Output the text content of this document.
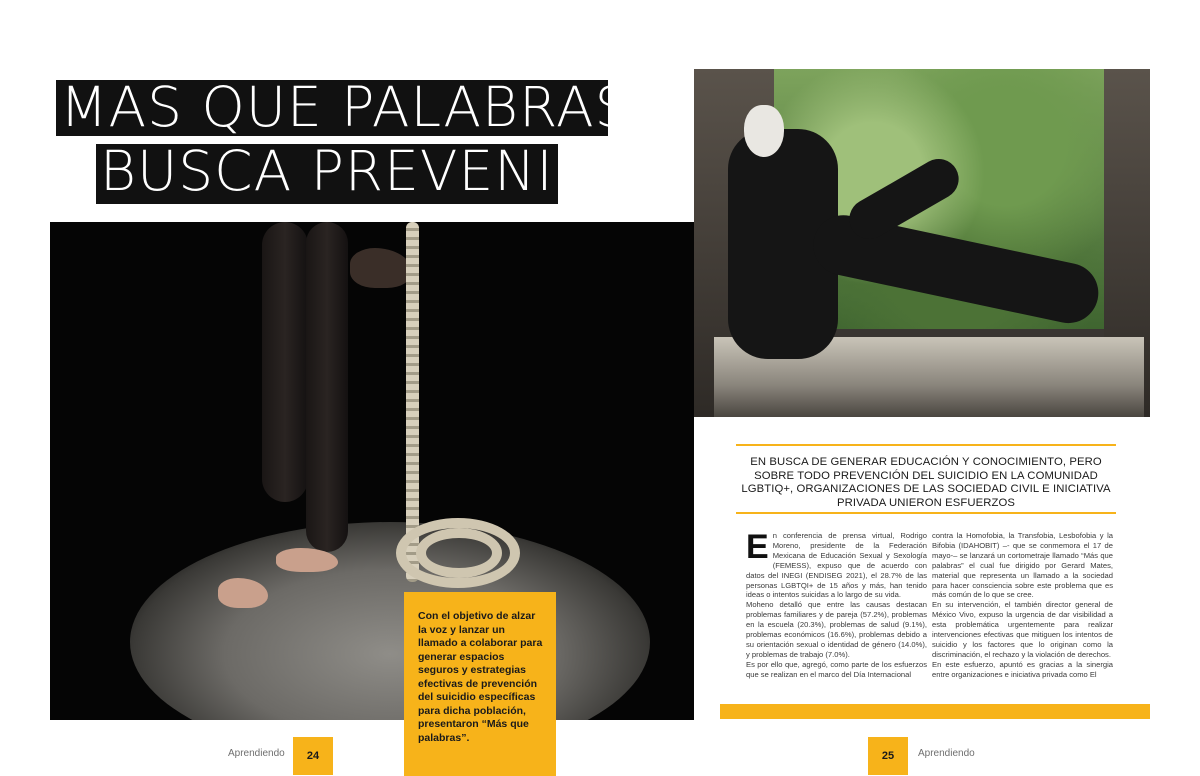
MAS QUE PALABRAS
BUSCA PREVENIR

Con el objetivo de alzar la voz y lanzar un llamado a colaborar para generar espacios seguros y estrategias efectivas de prevención del suicidio específicas para dicha población, presentaron “Más que palabras”.

Aprendiendo	24
EN BUSCA DE GENERAR EDUCACIÓN Y CONOCIMIENTO, PERO SOBRE TODO PREVENCIÓN DEL SUICIDIO EN LA COMUNIDAD LGBTIQ+, ORGANIZACIONES DE LAS SOCIEDAD CIVIL E INICIATIVA PRIVADA UNIERON ESFUERZOS

En conferencia de prensa virtual, Rodrigo Moreno, presidente de la Federación Mexicana de Educación Sexual y Sexología (FEMESS), expuso que de acuerdo con datos del INEGI (ENDISEG 2021), el 28.7% de las personas LGBTQI+ de 15 años y más, han tenido ideas o intentos suicidas a lo largo de su vida.

Moheno detalló que entre las causas destacan problemas familiares y de pareja (57.2%), problemas en la escuela (20.3%), problemas de salud (9.1%), problemas económicos (16.6%), problemas debido a su orientación sexual o identidad de género (14.0%), y problemas de trabajo (7.0%).

Es por ello que, agregó, como parte de los esfuerzos que se realizan en el marco del Día Internacional

contra la Homofobia, la Transfobia, Lesbofobia y la Bifobia (IDAHOBIT) –- que se conmemora el 17 de mayo-– se lanzará un cortometraje llamado “Más que palabras” el cual fue dirigido por Gerard Mates, material que representa un llamado a la sociedad para hacer consciencia sobre este problema que es más común de lo que se cree.

En su intervención, el también director general de México Vivo, expuso la urgencia de dar visibilidad a esta problemática urgentemente para realizar intervenciones efectivas que mitiguen los intentos de suicidio y los factores que lo originan como la discriminación, el rechazo y la violación de derechos.

En este esfuerzo, apuntó es gracias a la sinergia entre organizaciones e iniciativa privada como El

25	Aprendiendo
